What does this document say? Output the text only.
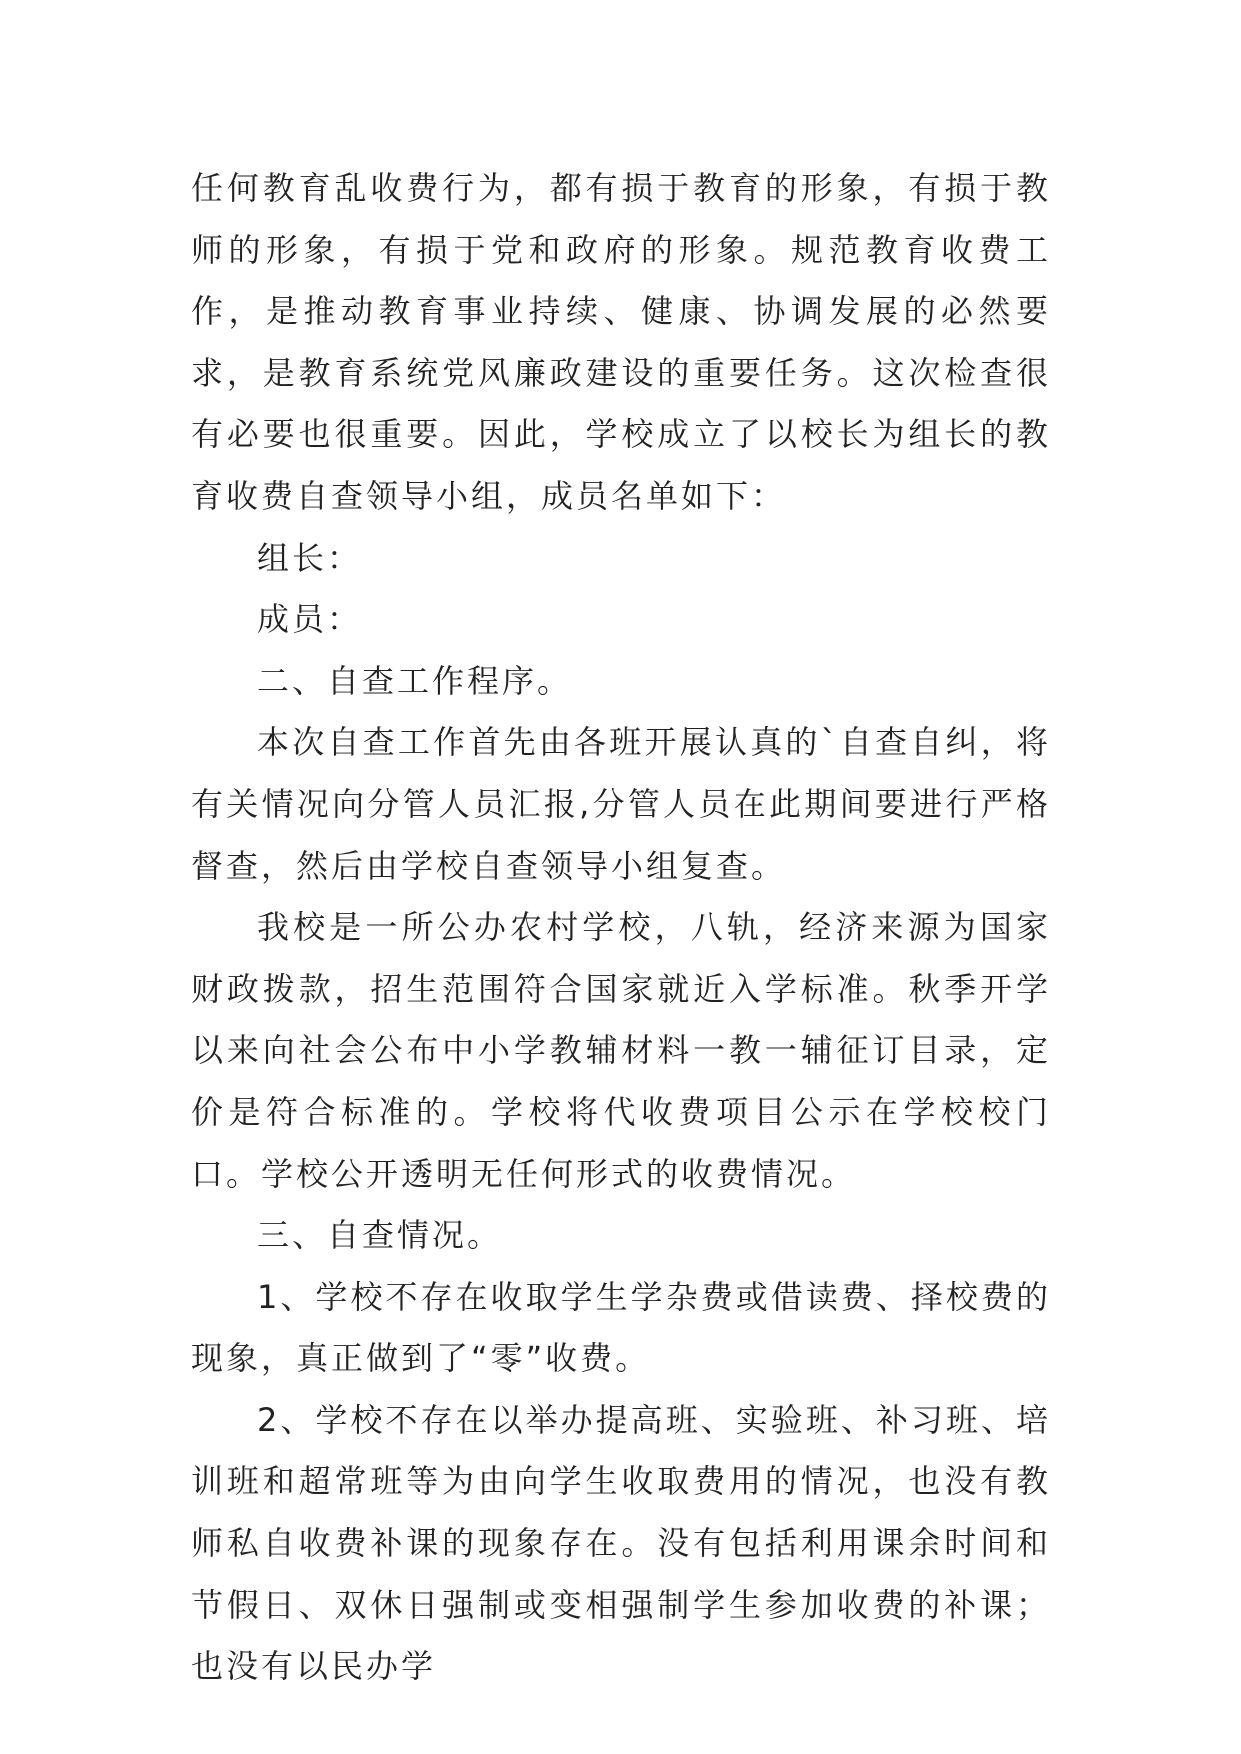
任何教育乱收费行为，都有损于教育的形象，有损于教师的形象，有损于党和政府的形象。规范教育收费工作，是推动教育事业持续、健康、协调发展的必然要求，是教育系统党风廉政建设的重要任务。这次检查很有必要也很重要。因此，学校成立了以校长为组长的教育收费自查领导小组，成员名单如下：

组长：

成员：

二、自查工作程序。

本次自查工作首先由各班开展认真的`自查自纠，将有关情况向分管人员汇报,分管人员在此期间要进行严格督查，然后由学校自查领导小组复查。

我校是一所公办农村学校，八轨，经济来源为国家财政拨款，招生范围符合国家就近入学标准。秋季开学以来向社会公布中小学教辅材料一教一辅征订目录，定价是符合标准的。学校将代收费项目公示在学校校门口。学校公开透明无任何形式的收费情况。

三、自查情况。

1、学校不存在收取学生学杂费或借读费、择校费的现象，真正做到了“零”收费。

2、学校不存在以举办提高班、实验班、补习班、培训班和超常班等为由向学生收取费用的情况，也没有教师私自收费补课的现象存在。没有包括利用课余时间和节假日、双休日强制或变相强制学生参加收费的补课；也没有以民办学
